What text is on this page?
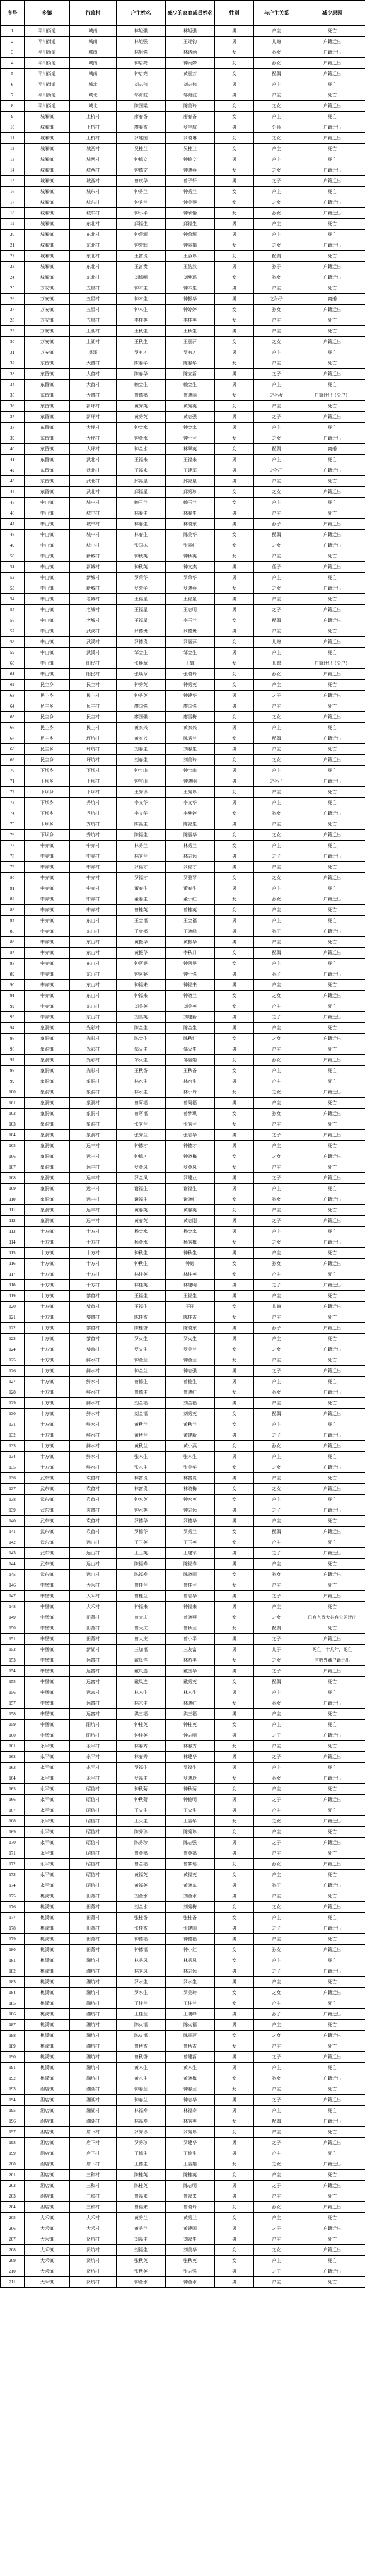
序号	乡镇	行政村	户主姓名	减少的家庭成员姓名	性别	与户主关系	减少原因
1	平川街道	城南	林旭强	林旭强	男	户主	死亡
2	平川街道	城南	林旭强	王翊钧	男	儿媳	户籍迁出
3	平川街道	城南	林旭强	林诗涵	女	孙女	户籍迁出
4	平川街道	城南	钟启亮	钟雨婷	女	孙女	户籍迁出
5	平川街道	城南	钟启亮	黄丽芳	女	配偶	户籍迁出
6	平川街道	城北	刘志伟	刘志伟	男	户主	死亡
7	平川街道	城北	邹海波	邹海波	男	户主	死亡
8	平川街道	城北	陈国梁	陈美玲	女	之女	户籍迁出
9	城厢镇	上杭村	廖春香	廖春香	女	户主	死亡
10	城厢镇	上杭村	廖春香	罗宇航	男	外孙	户籍迁出
11	城厢镇	上杭村	罗建国	罗晓琳	女	之女	户籍迁出
12	城厢镇	城西村	吴桂兰	吴桂兰	女	户主	死亡
13	城厢镇	城西村	钟德文	钟德文	男	户主	死亡
14	城厢镇	城西村	钟德文	钟晓燕	女	之女	户籍迁出
15	城厢镇	城西村	曾庆华	曾子轩	男	之子	户籍迁出
16	城厢镇	城东村	钟秀兰	钟秀兰	女	户主	死亡
17	城厢镇	城东村	钟秀兰	钟美琴	女	之女	户籍迁出
18	城厢镇	城东村	钟小平	钟欣怡	女	孙女	户籍迁出
19	城厢镇	东北村	邱福生	邱福生	男	户主	死亡
20	城厢镇	东北村	钟荣辉	钟荣辉	男	户主	死亡
21	城厢镇	东北村	钟荣辉	钟丽娟	女	之女	户籍迁出
22	城厢镇	东北村	王富贵	王淑珍	女	配偶	死亡
23	城厢镇	东北村	王富贵	王浩然	男	孙子	户籍迁出
24	城厢镇	东北村	刘德明	刘梦瑶	女	孙女	户籍迁出
25	万安镇	五星村	钟木生	钟木生	男	户主	死亡
26	万安镇	五星村	钟木生	钟振华	男	之孙子	离婚
27	万安镇	五星村	钟木生	钟婷婷	女	孙女	户籍迁出
28	万安镇	五星村	李桂英	李桂英	女	户主	死亡
29	万安镇	上湖村	王秋生	王秋生	男	户主	死亡
30	万安镇	上湖村	王秋生	王丽萍	女	之女	户籍迁出
31	万安镇	贯溪	罗有才	罗有才	男	户主	死亡
32	东留镇	大畲村	陈春华	陈春华	女	户主	死亡
33	东留镇	大畲村	陈春华	陈立新	男	之子	户籍迁出
34	东留镇	大畲村	赖金生	赖金生	男	户主	死亡
35	东留镇	大畲村	曾德福	曾晓丽	女	之孙女	户籍迁出（分户）
36	东留镇	新坪村	黄秀英	黄秀英	女	户主	死亡
37	东留镇	新坪村	黄秀英	黄志强	男	之子	户籍迁出
38	东留镇	大坪村	钟金水	钟金水	男	户主	死亡
39	东留镇	大坪村	钟金水	钟小兰	女	之女	户籍迁出
40	东留镇	大坪村	钟金水	林翠英	女	配偶	离婚
41	东留镇	武北村	王福来	王福来	男	户主	死亡
42	东留镇	武北村	王福来	王建军	男	之孙子	户籍迁出
43	东留镇	武北村	邱福星	邱福星	男	户主	死亡
44	东留镇	武北村	邱福星	邱秀珍	女	之女	户籍迁出
45	中山镇	城中村	赖玉兰	赖玉兰	女	户主	死亡
46	中山镇	城中村	林春生	林春生	男	户主	死亡
47	中山镇	城中村	林春生	林晓东	男	孙子	户籍迁出
48	中山镇	城中村	林春生	陈美华	女	配偶	户籍迁出
49	中山镇	城中村	张国栋	张丽红	女	之女	户籍迁出
50	中山镇	新城村	钟秋英	钟秋英	女	户主	死亡
51	中山镇	新城村	钟秋英	钟文杰	男	侄子	户籍迁出
52	中山镇	新城村	罗荣华	罗荣华	男	户主	死亡
53	中山镇	新城村	罗荣华	罗晓燕	女	之女	户籍迁出
54	中山镇	老城村	王福星	王福星	男	户主	死亡
55	中山镇	老城村	王福星	王志明	男	之子	户籍迁出
56	中山镇	老城村	王福星	李玉兰	女	配偶	户籍迁出
57	中山镇	武溪村	罗德贵	罗德贵	男	户主	死亡
58	中山镇	武溪村	罗德贵	罗丽萍	女	儿媳	户籍迁出
59	中山镇	武溪村	邹金生	邹金生	男	户主	死亡
60	中山镇	阳民村	张焕章	王婵	女	儿媳	户籍迁出（分户）
61	中山镇	阳民村	张焕章	张晓玲	女	孙女	户籍迁出
62	民主乡	民主村	钟秀英	钟秀英	女	户主	死亡
63	民主乡	民主村	钟秀英	钟建华	男	之子	户籍迁出
64	民主乡	民主村	廖国强	廖国强	男	户主	死亡
65	民主乡	民主村	廖国强	廖雪梅	女	之女	户籍迁出
66	民主乡	民主村	黄家兴	黄家兴	男	户主	死亡
67	民主乡	坪坑村	黄家兴	陈秀兰	女	配偶	户籍迁出
68	民主乡	坪坑村	刘春生	刘春生	男	户主	死亡
69	民主乡	坪坑村	刘春生	刘美玲	女	之女	户籍迁出
70	下坝乡	下坝村	钟宝山	钟宝山	男	户主	死亡
71	下坝乡	下坝村	钟宝山	钟晓明	男	之孙子	户籍迁出
72	下坝乡	下坝村	王秀珍	王秀珍	女	户主	死亡
73	下坝乡	秀坑村	李文华	李文华	男	户主	死亡
74	下坝乡	秀坑村	李文华	李梦婷	女	孙女	户籍迁出
75	下坝乡	秀坑村	陈福生	陈福生	男	户主	死亡
76	下坝乡	秀坑村	陈福生	陈丽华	女	之女	户籍迁出
77	中赤镇	中赤村	林秀兰	林秀兰	女	户主	死亡
78	中赤镇	中赤村	林秀兰	林志远	男	之子	户籍迁出
79	中赤镇	中赤村	罗福才	罗福才	男	户主	死亡
80	中赤镇	中赤村	罗福才	罗雅琴	女	之女	户籍迁出
81	中赤镇	中赤村	董春生	董春生	男	户主	死亡
82	中赤镇	中赤村	董春生	董小红	女	孙女	户籍迁出
83	中赤镇	中赤村	曾桂英	曾桂英	女	户主	死亡
84	中赤镇	东山村	王金福	王金福	男	户主	死亡
85	中赤镇	东山村	王金福	王晓峰	男	孙子	户籍迁出
86	中赤镇	东山村	黄振华	黄振华	男	户主	死亡
87	中赤镇	东山村	黄振华	李秋月	女	配偶	户籍迁出
88	中赤镇	东山村	钟阿婆	钟阿婆	女	户主	死亡
89	中赤镇	东山村	钟阿婆	钟小强	男	孙子	户籍迁出
90	中赤镇	东山村	钟福来	钟福来	男	户主	死亡
91	中赤镇	东山村	钟福来	钟晓兰	女	之女	户籍迁出
92	中赤镇	东山村	刘美英	刘美英	女	户主	死亡
93	中赤镇	东山村	刘美英	刘建新	男	之子	户籍迁出
94	象洞镇	光彩村	陈金生	陈金生	男	户主	死亡
95	象洞镇	光彩村	陈金生	陈秋红	女	之女	户籍迁出
96	象洞镇	光彩村	邹火生	邹火生	男	户主	死亡
97	象洞镇	光彩村	邹火生	邹丽娟	女	孙女	户籍迁出
98	象洞镇	光彩村	王秋香	王秋香	女	户主	死亡
99	象洞镇	象洞村	林水生	林水生	男	户主	死亡
100	象洞镇	象洞村	林水生	林小玲	女	之女	户籍迁出
101	象洞镇	象洞村	曾阿福	曾阿福	男	户主	死亡
102	象洞镇	象洞村	曾阿福	曾梦琪	女	孙女	户籍迁出
103	象洞镇	象洞村	张秀兰	张秀兰	女	户主	死亡
104	象洞镇	象洞村	张秀兰	张志华	男	之子	户籍迁出
105	象洞镇	远丰村	钟德才	钟德才	男	户主	死亡
106	象洞镇	远丰村	钟德才	钟晓梅	女	之女	户籍迁出
107	象洞镇	远丰村	罗金凤	罗金凤	女	户主	死亡
108	象洞镇	远丰村	罗金凤	罗建业	男	之子	户籍迁出
109	象洞镇	远丰村	谢福生	谢福生	男	户主	死亡
110	象洞镇	远丰村	谢福生	谢晓红	女	孙女	户籍迁出
111	象洞镇	远丰村	黄春英	黄春英	女	户主	死亡
112	象洞镇	远丰村	黄春英	黄志刚	男	之子	户籍迁出
113	十方镇	十方村	杨金水	杨金水	男	户主	死亡
114	十方镇	十方村	杨金水	杨秀梅	女	之女	户籍迁出
115	十方镇	十方村	钟秋生	钟秋生	男	户主	死亡
116	十方镇	十方村	钟秋生	钟婷	女	孙女	户籍迁出
117	十方镇	十方村	林桂英	林桂英	女	户主	死亡
118	十方镇	十方村	林桂英	林建明	男	之子	户籍迁出
119	十方镇	黎畲村	王福生	王福生	男	户主	死亡
120	十方镇	黎畲村	王福生	王丽	女	儿媳	户籍迁出
121	十方镇	黎畲村	陈桂香	陈桂香	女	户主	死亡
122	十方镇	黎畲村	陈桂香	陈晓东	男	孙子	户籍迁出
123	十方镇	黎畲村	罗火生	罗火生	男	户主	死亡
124	十方镇	黎畲村	罗火生	罗美兰	女	之女	户籍迁出
125	十方镇	鲜水村	钟金兰	钟金兰	女	户主	死亡
126	十方镇	鲜水村	钟金兰	钟志强	男	之子	户籍迁出
127	十方镇	鲜水村	曾德生	曾德生	男	户主	死亡
128	十方镇	鲜水村	曾德生	曾晓红	女	孙女	户籍迁出
129	十方镇	鲜水村	刘金福	刘金福	男	户主	死亡
130	十方镇	鲜水村	刘金福	刘秀英	女	配偶	户籍迁出
131	十方镇	鲜水村	黄秋兰	黄秋兰	女	户主	死亡
132	十方镇	鲜水村	黄秋兰	黄建新	男	之子	户籍迁出
133	十方镇	鲜水村	黄秋兰	黄小燕	女	孙女	户籍迁出
134	十方镇	鲜水村	张木生	张木生	男	户主	死亡
135	十方镇	鲜水村	张木生	张美华	女	之女	户籍迁出
136	武东镇	袁畲村	林富贵	林富贵	男	户主	死亡
137	武东镇	袁畲村	林富贵	林晓梅	女	之女	户籍迁出
138	武东镇	袁畲村	钟水英	钟水英	女	户主	死亡
139	武东镇	袁畲村	钟水英	钟志远	男	之子	户籍迁出
140	武东镇	袁畲村	罗德华	罗德华	男	户主	死亡
141	武东镇	袁畲村	罗德华	罗秀兰	女	配偶	户籍迁出
142	武东镇	远山村	王玉英	王玉英	女	户主	死亡
143	武东镇	远山村	王玉英	王建军	男	之子	户籍迁出
144	武东镇	远山村	陈福寿	陈福寿	男	户主	死亡
145	武东镇	远山村	陈福寿	陈晓丽	女	孙女	户籍迁出
146	中堡镇	大禾村	曾桂兰	曾桂兰	女	户主	死亡
147	中堡镇	大禾村	曾桂兰	曾志华	男	之子	户籍迁出
148	中堡镇	大禾村	钟福来	钟福来	男	户主	死亡
149	中堡镇	田背村	曾大庆	曾晓燕	女	之女	已有入武大共有公居迁出
150	中堡镇	田背村	曾大庆	曾秋兰	女	配偶	死亡
151	中堡镇	田背村	曾大庆	曾小平	男	之子	户籍迁出
152	中堡镇	新湖村	三加福	三友富	男	儿子	死亡，十几年，死亡
153	中堡镇	远富村	戴凤连	林希美	女	之女	有收外藏户籍迁出
154	中堡镇	远富村	戴凤连	戴国华	男	之子	户籍迁出
155	中堡镇	远富村	戴凤连	戴秀英	女	配偶	死亡
156	中堡镇	远富村	林木生	林木生	男	户主	死亡
157	中堡镇	远富村	林木生	林晓红	女	孙女	户籍迁出
158	中堡镇	远富村	洪三福	洪三福	男	户主	死亡
159	中堡镇	阳坑村	钟桂英	钟桂英	女	户主	死亡
160	中堡镇	阳坑村	钟桂英	钟志明	男	之子	户籍迁出
161	永平镇	永平村	林春秀	林春秀	女	户主	死亡
162	永平镇	永平村	林春秀	林建华	男	之子	户籍迁出
163	永平镇	永平村	罗福生	罗福生	男	户主	死亡
164	永平镇	永平村	罗福生	罗晓玲	女	孙女	户籍迁出
165	永平镇	昭信村	钟秋菊	钟秋菊	女	户主	死亡
166	永平镇	昭信村	钟秋菊	钟德明	男	之子	户籍迁出
167	永平镇	昭信村	王火生	王火生	男	户主	死亡
168	永平镇	昭信村	王火生	王丽华	女	之女	户籍迁出
169	永平镇	昭信村	陈秀珍	陈秀珍	女	户主	死亡
170	永平镇	昭信村	陈秀珍	陈志强	男	之子	户籍迁出
171	永平镇	昭信村	曾金福	曾金福	男	户主	死亡
172	永平镇	昭信村	曾金福	曾梦瑶	女	孙女	户籍迁出
173	永平镇	昭信村	黄福英	黄福英	女	户主	死亡
174	永平镇	昭信村	黄福英	黄晓东	男	孙子	户籍迁出
175	桃溪镇	田背村	刘金水	刘金水	男	户主	死亡
176	桃溪镇	田背村	刘金水	刘秀梅	女	之女	户籍迁出
177	桃溪镇	田背村	张桂香	张桂香	女	户主	死亡
178	桃溪镇	田背村	张桂香	张建国	男	之子	户籍迁出
179	桃溪镇	田背村	钟德福	钟德福	男	户主	死亡
180	桃溪镇	田背村	钟德福	钟小红	女	孙女	户籍迁出
181	桃溪镇	湘坑村	林秀凤	林秀凤	女	户主	死亡
182	桃溪镇	湘坑村	林秀凤	林志远	男	之子	户籍迁出
183	桃溪镇	湘坑村	罗水生	罗水生	男	户主	死亡
184	桃溪镇	湘坑村	罗水生	罗美玲	女	之女	户籍迁出
185	桃溪镇	湘坑村	王桂兰	王桂兰	女	户主	死亡
186	桃溪镇	湘坑村	王桂兰	王晓峰	男	孙子	户籍迁出
187	桃溪镇	湘坑村	陈火福	陈火福	男	户主	死亡
188	桃溪镇	湘坑村	陈火福	陈丽萍	女	之女	户籍迁出
189	桃溪镇	湘坑村	曾秋香	曾秋香	女	户主	死亡
190	桃溪镇	湘坑村	曾秋香	曾建新	男	之子	户籍迁出
191	桃溪镇	湘坑村	黄木生	黄木生	男	户主	死亡
192	桃溪镇	湘坑村	黄木生	黄晓梅	女	孙女	户籍迁出
193	湘店镇	湘湖村	钟春兰	钟春兰	女	户主	死亡
194	湘店镇	湘湖村	钟春兰	钟志华	男	之子	户籍迁出
195	湘店镇	湘湖村	林福寿	林福寿	男	户主	死亡
196	湘店镇	湘湖村	林福寿	林秀英	女	配偶	户籍迁出
197	湘店镇	店下村	罗秀珍	罗秀珍	女	户主	死亡
198	湘店镇	店下村	罗秀珍	罗建华	男	之子	户籍迁出
199	湘店镇	店下村	王德生	王德生	男	户主	死亡
200	湘店镇	店下村	王德生	王丽娟	女	之女	户籍迁出
201	湘店镇	三和村	陈桂英	陈桂英	女	户主	死亡
202	湘店镇	三和村	陈桂英	陈志明	男	之子	户籍迁出
203	湘店镇	三和村	曾福来	曾福来	男	户主	死亡
204	湘店镇	三和村	曾福来	曾晓玲	女	孙女	户籍迁出
205	大禾镇	大禾村	黄秀兰	黄秀兰	女	户主	死亡
206	大禾镇	大禾村	黄秀兰	黄建国	男	之子	户籍迁出
207	大禾镇	贤坑村	刘福生	刘福生	男	户主	死亡
208	大禾镇	贤坑村	刘福生	刘美华	女	之女	户籍迁出
209	大禾镇	贤坑村	张秋英	张秋英	女	户主	死亡
210	大禾镇	贤坑村	张秋英	张志强	男	之子	户籍迁出
211	大禾镇	贤坑村	钟金水	钟金水	男	户主	死亡
